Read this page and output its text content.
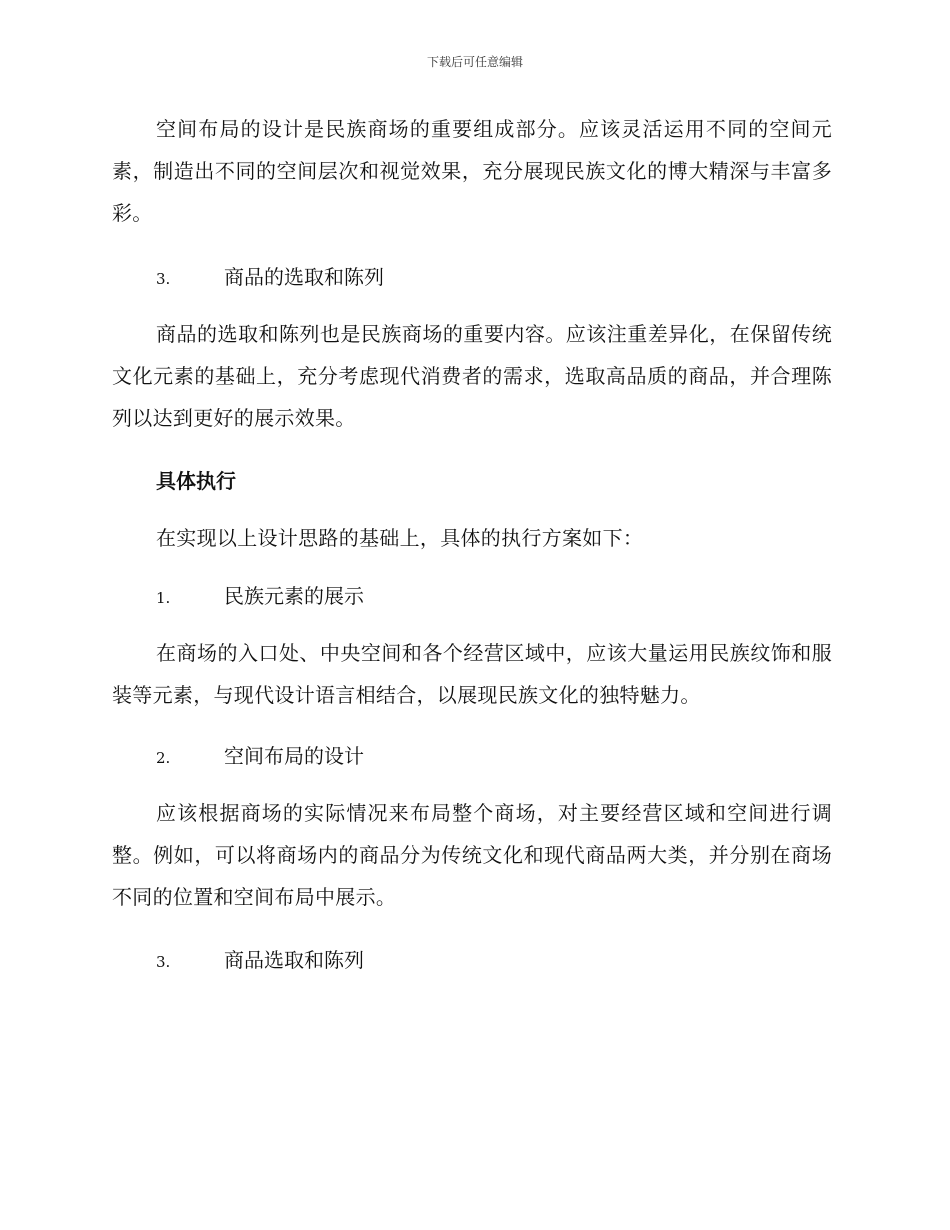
下载后可任意编辑

空间布局的设计是民族商场的重要组成部分。应该灵活运用不同的空间元素，制造出不同的空间层次和视觉效果，充分展现民族文化的博大精深与丰富多彩。

3.	商品的选取和陈列

商品的选取和陈列也是民族商场的重要内容。应该注重差异化，在保留传统文化元素的基础上，充分考虑现代消费者的需求，选取高品质的商品，并合理陈列以达到更好的展示效果。

具体执行

在实现以上设计思路的基础上，具体的执行方案如下：

1.	民族元素的展示

在商场的入口处、中央空间和各个经营区域中，应该大量运用民族纹饰和服装等元素，与现代设计语言相结合，以展现民族文化的独特魅力。

2.	空间布局的设计

应该根据商场的实际情况来布局整个商场，对主要经营区域和空间进行调整。例如，可以将商场内的商品分为传统文化和现代商品两大类，并分别在商场不同的位置和空间布局中展示。

3.	商品选取和陈列
